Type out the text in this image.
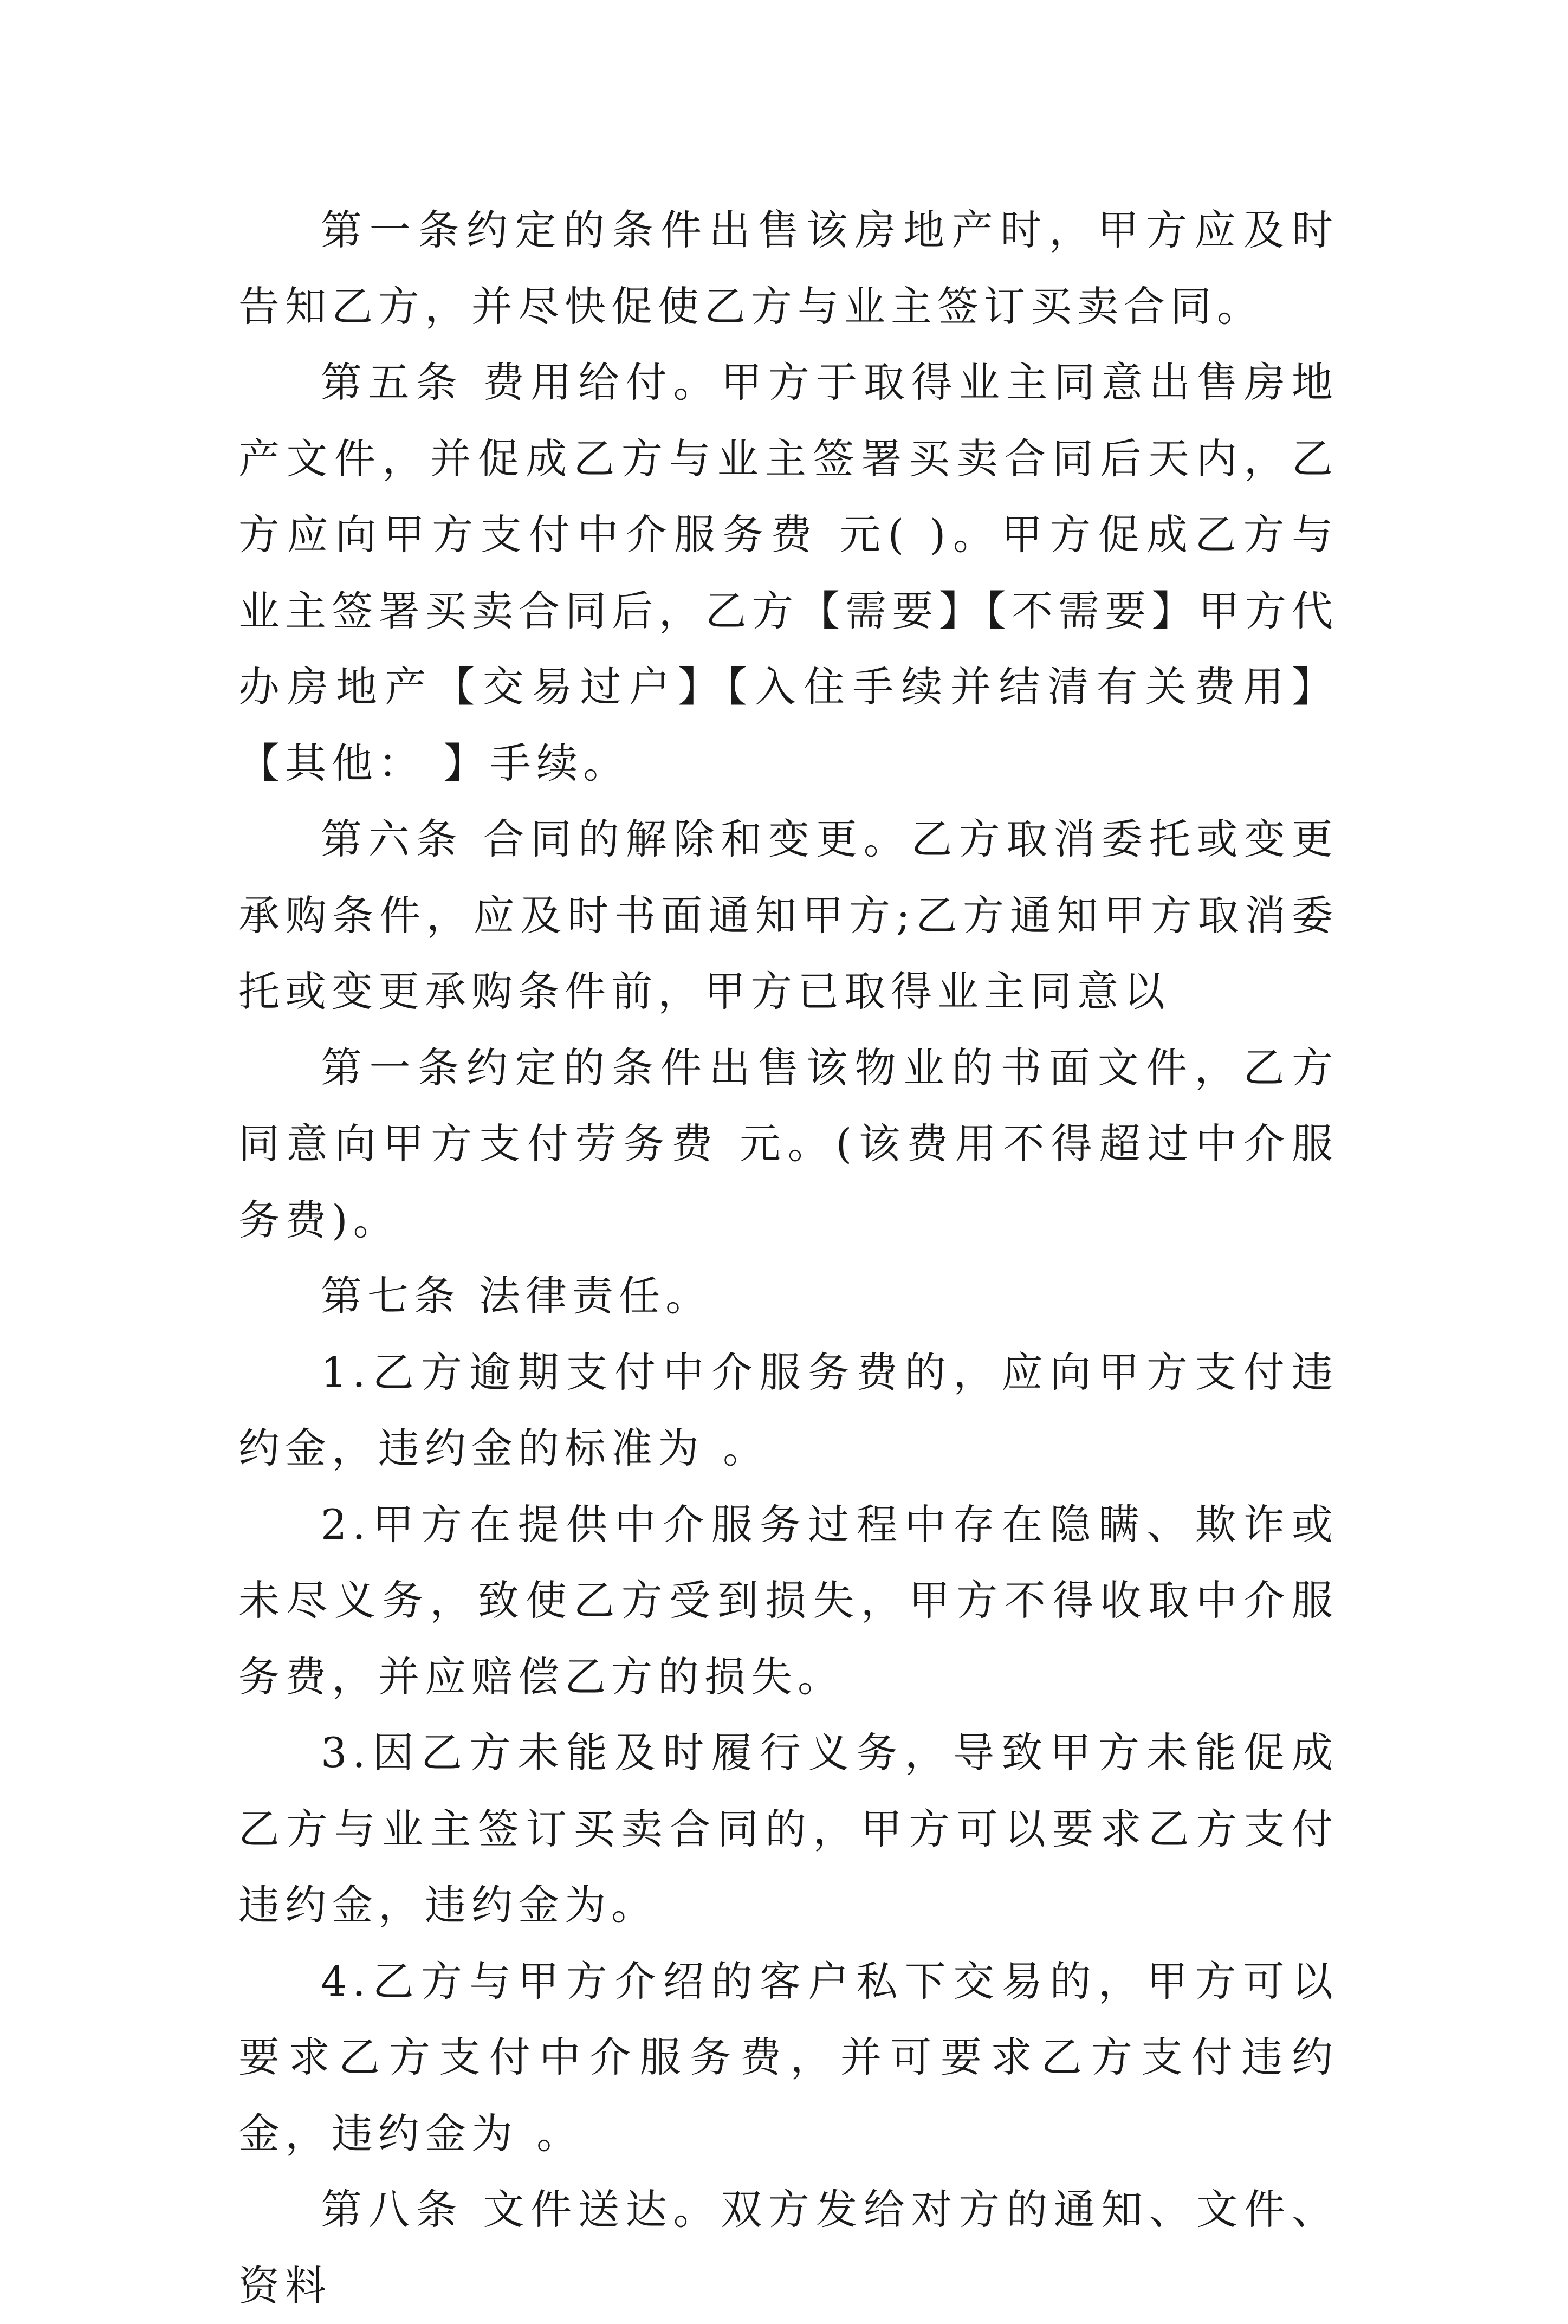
第一条约定的条件出售该房地产时，甲方应及时告知乙方，并尽快促使乙方与业主签订买卖合同。

第五条 费用给付。甲方于取得业主同意出售房地产文件，并促成乙方与业主签署买卖合同后天内，乙方应向甲方支付中介服务费 元( )。甲方促成乙方与业主签署买卖合同后，乙方【需要】【不需要】甲方代办房地产【交易过户】【入住手续并结清有关费用】【其他： 】手续。

第六条 合同的解除和变更。乙方取消委托或变更承购条件，应及时书面通知甲方;乙方通知甲方取消委托或变更承购条件前，甲方已取得业主同意以

第一条约定的条件出售该物业的书面文件，乙方同意向甲方支付劳务费 元。(该费用不得超过中介服务费)。

第七条 法律责任。

1.乙方逾期支付中介服务费的，应向甲方支付违约金，违约金的标准为 。

2.甲方在提供中介服务过程中存在隐瞒、欺诈或未尽义务，致使乙方受到损失，甲方不得收取中介服务费，并应赔偿乙方的损失。

3.因乙方未能及时履行义务，导致甲方未能促成乙方与业主签订买卖合同的，甲方可以要求乙方支付违约金，违约金为。

4.乙方与甲方介绍的客户私下交易的，甲方可以要求乙方支付中介服务费，并可要求乙方支付违约金，违约金为 。

第八条 文件送达。双方发给对方的通知、文件、资料
